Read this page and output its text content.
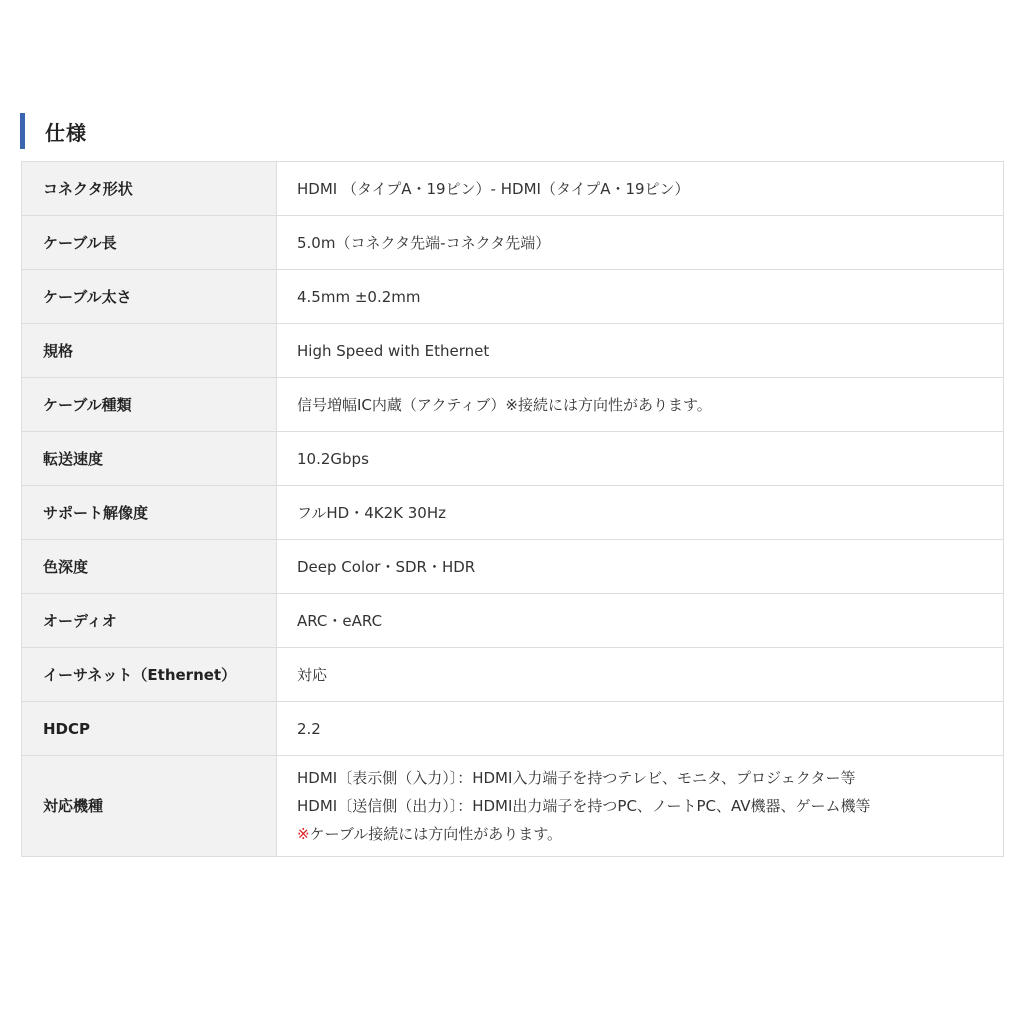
仕様
コネクタ形状	HDMI （タイプA・19ピン）- HDMI（タイプA・19ピン）
ケーブル長	5.0m（コネクタ先端-コネクタ先端）
ケーブル太さ	4.5mm ±0.2mm
規格	High Speed with Ethernet
ケーブル種類	信号増幅IC内蔵（アクティブ）※接続には方向性があります。
転送速度	10.2Gbps
サポート解像度	フルHD・4K2K 30Hz
色深度	Deep Color・SDR・HDR
オーディオ	ARC・eARC
イーサネット（Ethernet）	対応
HDCP	2.2
対応機種	HDMI〔表示側（入力）〕：HDMI入力端子を持つテレビ、モニタ、プロジェクター等
HDMI〔送信側（出力）〕：HDMI出力端子を持つPC、ノートPC、AV機器、ゲーム機等
※ケーブル接続には方向性があります。
